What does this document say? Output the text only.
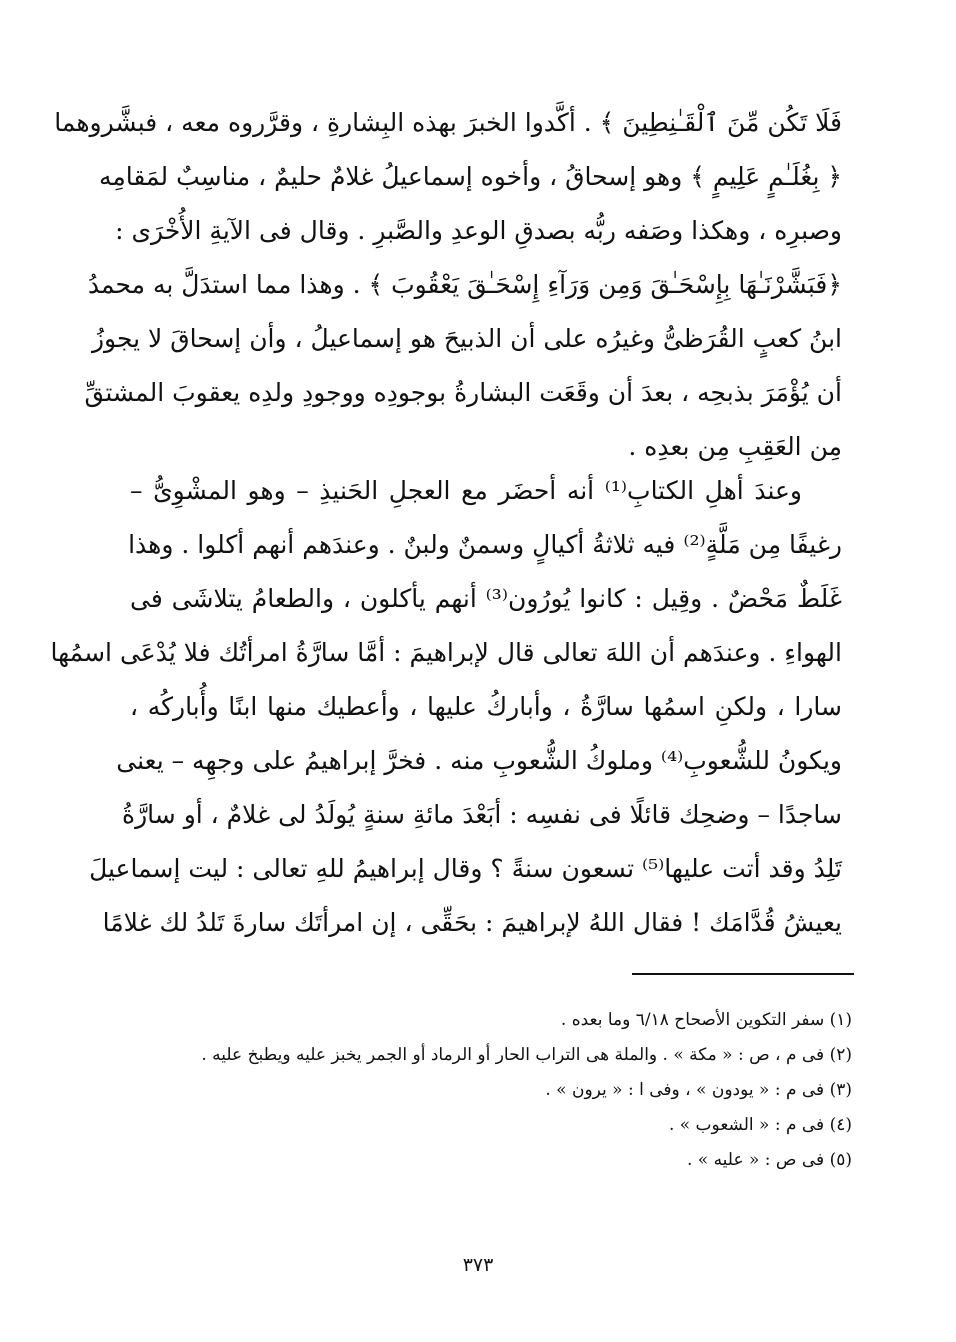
فَلَا تَكُن مِّنَ ٱلْقَـٰنِطِينَ ﴾ . أكَّدوا الخبرَ بهذه البِشارةِ ، وقرَّروه معه ، فبشَّروهما
﴿ بِغُلَـٰمٍ عَلِيمٍ ﴾ وهو إسحاقُ ، وأخوه إسماعيلُ غلامٌ حليمٌ ، مناسِبٌ لمَقامِه
وصبرِه ، وهكذا وصَفه ربُّه بصدقِ الوعدِ والصَّبرِ . وقال فى الآيةِ الأُخْرَى :
﴿فَبَشَّرْنَـٰهَا بِإِسْحَـٰقَ وَمِن وَرَآءِ إِسْحَـٰقَ يَعْقُوبَ ﴾ . وهذا مما استدَلَّ به محمدُ
ابنُ كعبٍ القُرَظىُّ وغيرُه على أن الذبيحَ هو إسماعيلُ ، وأن إسحاقَ لا يجوزُ
أن يُؤْمَرَ بذبحِه ، بعدَ أن وقَعَت البشارةُ بوجودِه ووجودِ ولدِه يعقوبَ المشتقِّ
مِن العَقِبِ مِن بعدِه .
وعندَ أهلِ الكتابِ⁽¹⁾ أنه أحضَر مع العجلِ الحَنيذِ – وهو المشْوِىُّ –
رغيفًا مِن مَلَّةٍ⁽²⁾ فيه ثلاثةُ أكيالٍ وسمنٌ ولبنٌ . وعندَهم أنهم أكلوا . وهذا
غَلَطٌ مَحْضٌ . وقِيل : كانوا يُورُون⁽³⁾ أنهم يأكلون ، والطعامُ يتلاشَى فى
الهواءِ . وعندَهم أن اللهَ تعالى قال لإبراهيمَ : أمَّا سارَّةُ امرأتُك فلا يُدْعَى اسمُها
سارا ، ولكنِ اسمُها سارَّةُ ، وأباركُ عليها ، وأعطيك منها ابنًا وأُباركُه ،
ويكونُ للشُّعوبِ⁽⁴⁾ وملوكُ الشُّعوبِ منه . فخرَّ إبراهيمُ على وجهِه – يعنى
ساجدًا – وضحِك قائلًا فى نفسِه : أبَعْدَ مائةِ سنةٍ يُولَدُ لى غلامٌ ، أو سارَّةُ
تَلِدُ وقد أتت عليها⁽⁵⁾ تسعون سنةً ؟ وقال إبراهيمُ للهِ تعالى : ليت إسماعيلَ
يعيشُ قُدَّامَك ! فقال اللهُ لإبراهيمَ : بحَقِّى ، إن امرأتَك سارةَ تَلدُ لك غلامًا
(١) سفر التكوين الأصحاح ٦/١٨ وما بعده .
(٢) فى م ، ص : « مكة » . والملة هى التراب الحار أو الرماد أو الجمر يخبز عليه ويطبخ عليه .
(٣) فى م : « يودون » ، وفى ا : « يرون » .
(٤) فى م : « الشعوب » .
(٥) فى ص : « عليه » .
٣٧٣
